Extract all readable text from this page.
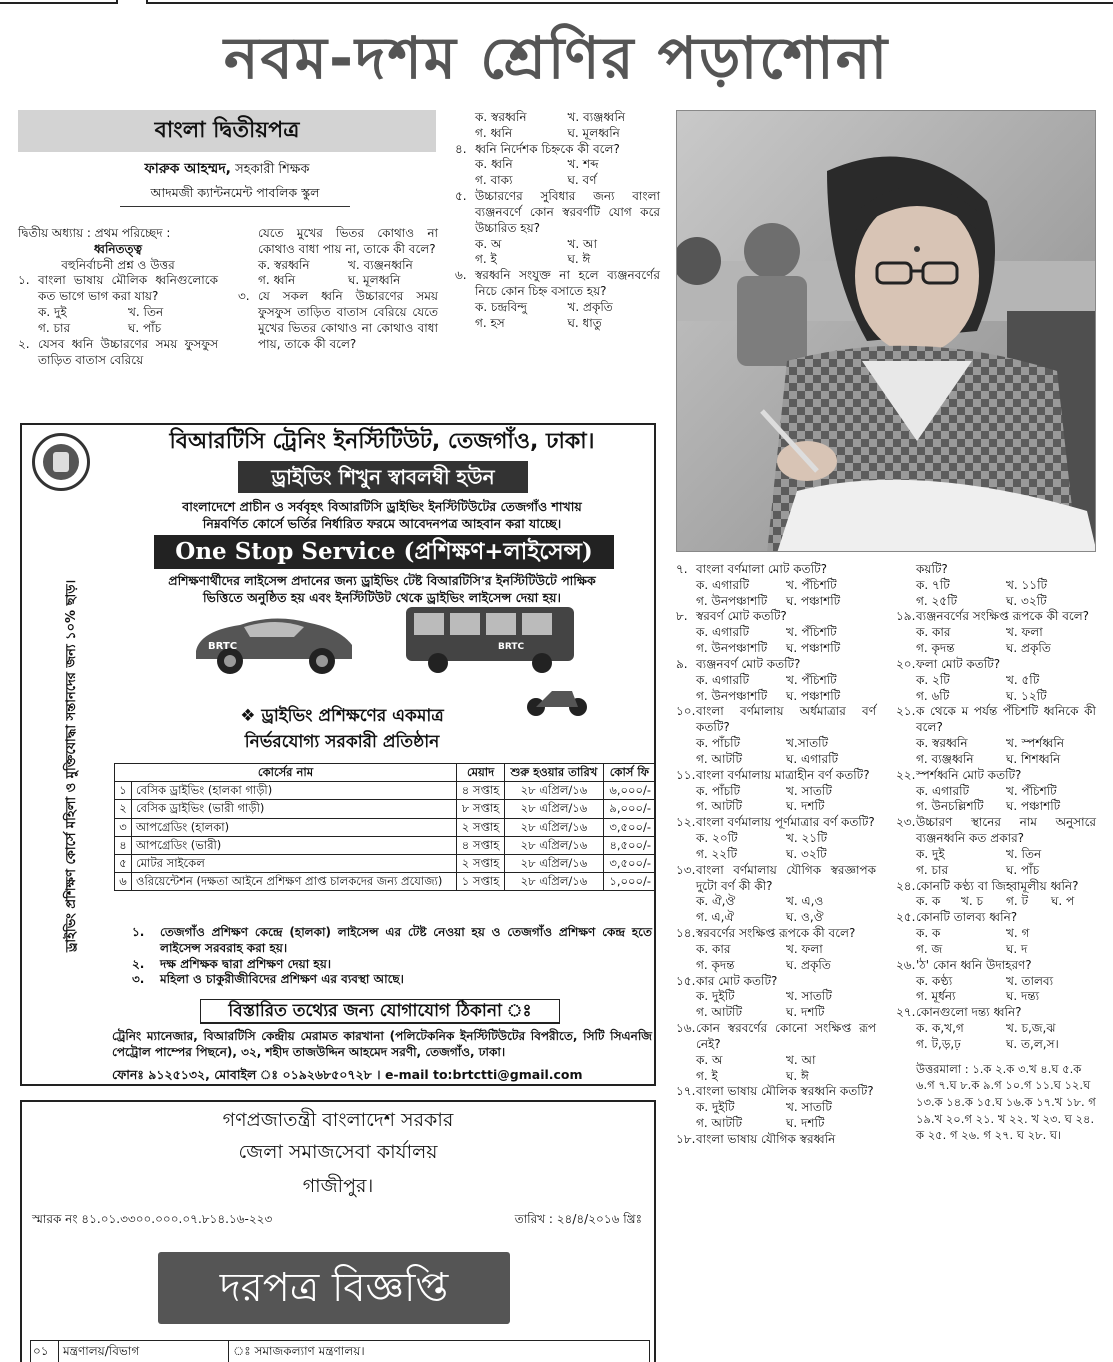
নবম-দশম শ্রেণির পড়াশোনা
বাংলা দ্বিতীয়পত্র
ফারুক আহম্মদ, সহকারী শিক্ষক
আদমজী ক্যান্টনমেন্ট পাবলিক স্কুল
দ্বিতীয় অধ্যায় : প্রথম পরিচ্ছেদ :
ধ্বনিতত্ত্ব
বহুনির্বাচনী প্রশ্ন ও উত্তর
১. বাংলা ভাষায় মৌলিক ধ্বনিগুলোকে কত ভাগে ভাগ করা যায়?
ক. দুই	খ. তিন
গ. চার	ঘ. পাঁচ
২. যেসব ধ্বনি উচ্চারণের সময় ফুসফুস তাড়িত বাতাস বেরিয়ে
যেতে মুখের ভিতর কোথাও না কোথাও বাধা পায় না, তাকে কী বলে?
ক. স্বরধ্বনি	খ. ব্যঞ্জনধ্বনি
গ. ধ্বনি	ঘ. মূলধ্বনি
৩. যে সকল ধ্বনি উচ্চারণের সময় ফুসফুস তাড়িত বাতাস বেরিয়ে যেতে মুখের ভিতর কোথাও না কোথাও বাধা পায়, তাকে কী বলে?
ক. স্বরধ্বনি	খ. ব্যঞ্জধ্বনি
গ. ধ্বনি	ঘ. মূলধ্বনি
৪. ধ্বনি নির্দেশক চিহ্নকে কী বলে?
ক. ধ্বনি	খ. শব্দ
গ. বাক্য	ঘ. বর্ণ
৫. উচ্চারণের সুবিধার জন্য বাংলা ব্যঞ্জনবর্ণে কোন স্বরবর্ণটি যোগ করে উচ্চারিত হয়?
ক. অ	খ. আ
গ. ই	ঘ. ঈ
৬. স্বরধ্বনি সংযুক্ত না হলে ব্যঞ্জনবর্ণের নিচে কোন চিহ্ন বসাতে হয়?
ক. চন্দ্রবিন্দু	খ. প্রকৃতি
গ. হস	ঘ. ধাতু
৭. বাংলা বর্ণমালা মোট কতটি?
ক. এগারটি	খ. পঁচিশটি
গ. উনপঞ্চাশটি	ঘ. পঞ্চাশটি
৮. স্বরবর্ণ মোট কতটি?
ক. এগারটি	খ. পঁচিশটি
গ. উনপঞ্চাশটি	ঘ. পঞ্চাশটি
৯. ব্যঞ্জনবর্ণ মোট কতটি?
ক. এগারটি	খ. পঁচিশটি
গ. উনপঞ্চাশটি	ঘ. পঞ্চাশটি
১০. বাংলা বর্ণমালায় অর্ধমাত্রার বর্ণ কতটি?
ক. পাঁচটি	খ.সাতটি
গ. আটটি	ঘ. এগারটি
১১. বাংলা বর্ণমালায় মাত্রাহীন বর্ণ কতটি?
ক. পাঁচটি	খ. সাতটি
গ. আটটি	ঘ. দশটি
১২. বাংলা বর্ণমালায় পূর্ণমাত্রার বর্ণ কতটি?
ক. ২০টি	খ. ২১টি
গ. ২২টি	ঘ. ৩২টি
১৩. বাংলা বর্ণমালায় যৌগিক স্বরজ্ঞাপক দুটো বর্ণ কী কী?
ক. ঐ,ঔ	খ. এ,ও
গ. এ,ঐ	ঘ. ও,ঔ
১৪. স্বরবর্ণের সংক্ষিপ্ত রূপকে কী বলে?
ক. কার	খ. ফলা
গ. কৃদন্ত	ঘ. প্রকৃতি
১৫. কার মোট কতটি?
ক. দুইটি	খ. সাতটি
গ. আটটি	ঘ. দশটি
১৬. কোন স্বরবর্ণের কোনো সংক্ষিপ্ত রূপ নেই?
ক. অ	খ. আ
গ. ই	ঘ. ঈ
১৭. বাংলা ভাষায় মৌলিক স্বরধ্বনি কতটি?
ক. দুইটি	খ. সাতটি
গ. আটটি	ঘ. দশটি
১৮. বাংলা ভাষায় যৌগিক স্বরধ্বনি
কয়টি?
ক. ৭টি	খ. ১১টি
গ. ২৫টি	ঘ. ৩২টি
১৯. ব্যঞ্জনবর্ণের সংক্ষিপ্ত রূপকে কী বলে?
ক. কার	খ. ফলা
গ. কৃদন্ত	ঘ. প্রকৃতি
২০. ফলা মোট কতটি?
ক. ২টি	খ. ৫টি
গ. ৬টি	ঘ. ১২টি
২১. ক থেকে ম পর্যন্ত পঁচিশটি ধ্বনিকে কী বলে?
ক. স্বরধ্বনি	খ. স্পর্শধ্বনি
গ. ব্যঞ্জধ্বনি	ঘ. শিশধ্বনি
২২. স্পর্শধ্বনি মোট কতটি?
ক. এগারটি	খ. পঁচিশটি
গ. উনচল্লিশটি	ঘ. পঞ্চাশটি
২৩. উচ্চারণ স্থানের নাম অনুসারে ব্যঞ্জনধ্বনি কত প্রকার?
ক. দুই	খ. তিন
গ. চার	ঘ. পাঁচ
২৪. কোনটি কণ্ঠ্য বা জিহ্বামূলীয় ধ্বনি?
ক. ক	খ. চ	গ. ট	ঘ. প
২৫. কোনটি তালব্য ধ্বনি?
ক. ক	খ. গ
গ. জ	ঘ. দ
২৬. 'ঠ' কোন ধ্বনি উদাহরণ?
ক. কণ্ঠ্য	খ. তালব্য
গ. মূর্ধন্য	ঘ. দন্ত্য
২৭. কোনগুলো দন্ত্য ধ্বনি?
ক. ক,খ,গ	খ. চ,জ,ঝ
গ. ট,ড়,ঢ়	ঘ. ত,ল,স।
উত্তরমালা : ১.ক ২.ক ৩.খ ৪.ঘ ৫.ক ৬.গ ৭.ঘ ৮.ক ৯.গ ১০.গ ১১.ঘ ১২.ঘ ১৩.ক ১৪.ক ১৫.ঘ ১৬.ক ১৭.খ ১৮. গ ১৯.খ ২০.গ ২১. খ ২২. খ ২৩. ঘ ২৪. ক ২৫. গ ২৬. গ ২৭. ঘ ২৮. ঘ।
ড্রাইভিং প্রশিক্ষণ কোর্সে মহিলা ও মুক্তিযোদ্ধা সন্তানদের জন্য ১০% ছাড়।
বিআরটিসি ট্রেনিং ইনস্টিটিউট, তেজগাঁও, ঢাকা।
ড্রাইভিং শিখুন স্বাবলম্বী হউন
বাংলাদেশে প্রাচীন ও সর্ববৃহৎ বিআরটিসি ড্রাইভিং ইনস্টিটিউটের তেজগাঁও শাখায় নিম্নবর্ণিত কোর্সে ভর্তির নির্ধারিত ফরমে আবেদনপত্র আহবান করা যাচ্ছে।
One Stop Service (প্রশিক্ষণ+লাইসেন্স)
প্রশিক্ষণার্থীদের লাইসেন্স প্রদানের জন্য ড্রাইভিং টেষ্ট বিআরটিসি'র ইনস্টিটিউটে পাক্ষিক ভিত্তিতে অনুষ্ঠিত হয় এবং ইনস্টিটিউট থেকে ড্রাইভিং লাইসেন্স দেয়া হয়।
BRTC	BRTC
❖ ড্রাইভিং প্রশিক্ষণের একমাত্র
নির্ভরযোগ্য সরকারী প্রতিষ্ঠান
কোর্সের নাম		মেয়াদ	শুরু হওয়ার তারিখ	কোর্স ফি
১	বেসিক ড্রাইভিং (হালকা গাড়ী)	৪ সপ্তাহ	২৮ এপ্রিল/১৬	৬,০০০/-
২	বেসিক ড্রাইভিং (ভারী গাড়ী)	৮ সপ্তাহ	২৮ এপ্রিল/১৬	৯,০০০/-
৩	আপগ্রেডিং (হালকা)	২ সপ্তাহ	২৮ এপ্রিল/১৬	৩,৫০০/-
৪	আপগ্রেডিং (ভারী)	৪ সপ্তাহ	২৮ এপ্রিল/১৬	৪,৫০০/-
৫	মোটর সাইকেল	২ সপ্তাহ	২৮ এপ্রিল/১৬	৩,৫০০/-
৬	ওরিয়েন্টেশন (দক্ষতা আইনে প্রশিক্ষণ প্রাপ্ত চালকদের জন্য প্রযোজ্য)	১ সপ্তাহ	২৮ এপ্রিল/১৬	১,০০০/-
১.	তেজগাঁও প্রশিক্ষণ কেন্দ্রে (হালকা) লাইসেন্স এর টেষ্ট নেওয়া হয় ও তেজগাঁও প্রশিক্ষণ কেন্দ্র হতে লাইসেন্স সরবরাহ করা হয়।
২.	দক্ষ প্রশিক্ষক দ্বারা প্রশিক্ষণ দেয়া হয়।
৩.	মহিলা ও চাকুরীজীবিদের প্রশিক্ষণ এর ব্যবস্থা আছে।
বিস্তারিত তথ্যের জন্য যোগাযোগ ঠিকানা ঃ
ট্রেনিং ম্যানেজার, বিআরটিসি কেন্দ্রীয় মেরামত কারখানা (পলিটেকনিক ইনস্টিটিউটের বিপরীতে, সিটি সিএনজি পেট্রোল পাম্পের পিছনে), ৩২, শহীদ তাজউদ্দিন আহমেদ সরণী, তেজগাঁও, ঢাকা।
ফোনঃ ৯১২৫১৩২, মোবাইল ঃ ০১৯২৬৮৫০৭২৮ । e-mail to:brtctti@gmail.com
গণপ্রজাতন্ত্রী বাংলাদেশ সরকার
জেলা সমাজসেবা কার্যালয়
গাজীপুর।
স্মারক নং ৪১.০১.৩৩০০.০০০.০৭.৮১৪.১৬-২২৩	তারিখ : ২৪/৪/২০১৬ খ্রিঃ
দরপত্র বিজ্ঞপ্তি
০১	মন্ত্রণালয়/বিভাগ	ঃ সমাজকল্যাণ মন্ত্রণালয়।
